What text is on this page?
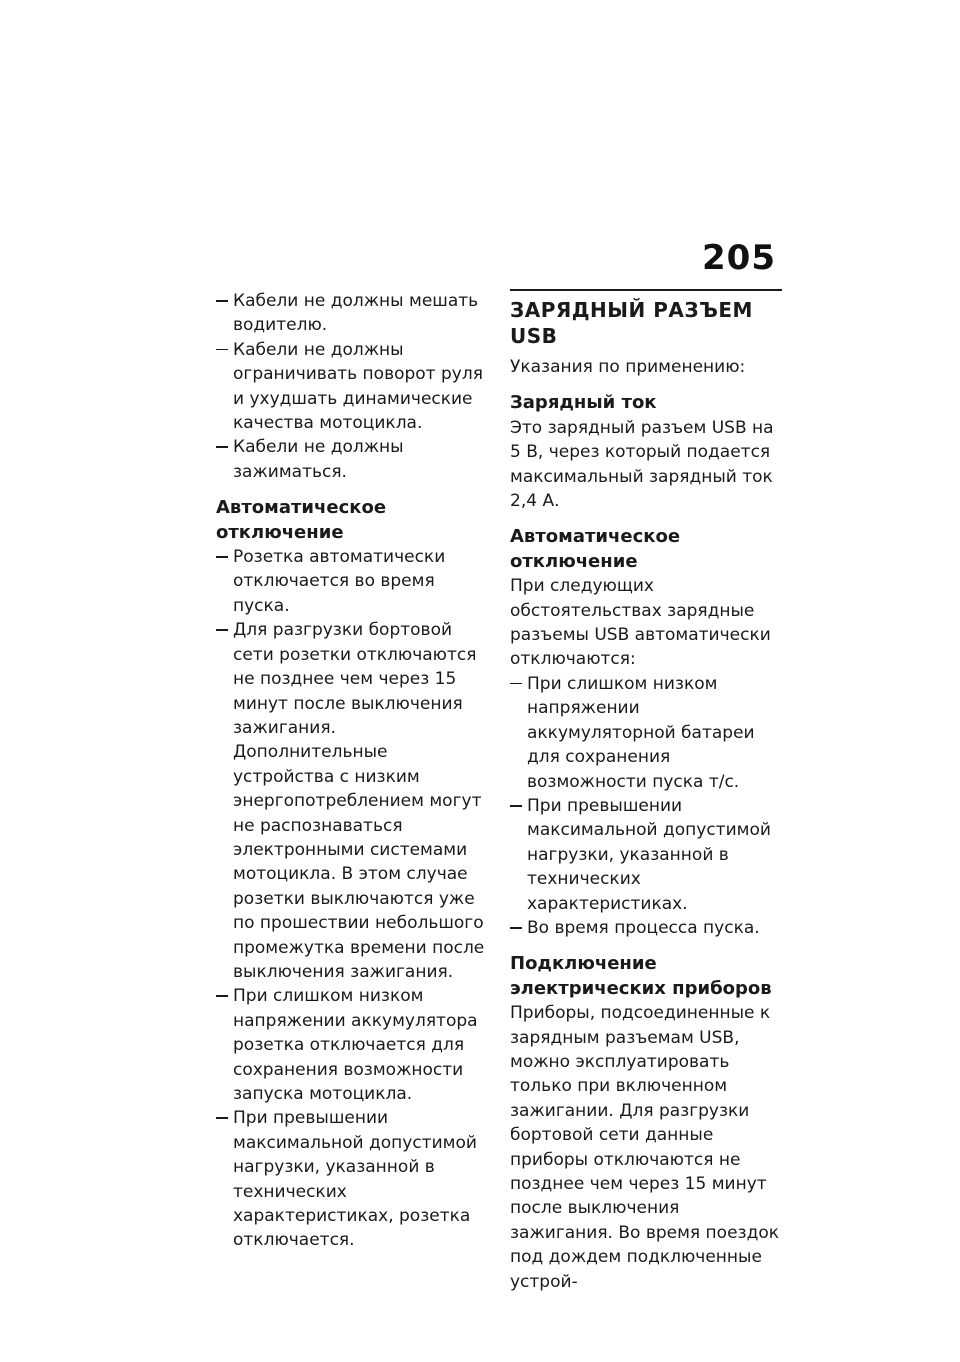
205
Кабели не должны мешать водителю.
Кабели не должны ограничивать поворот руля и ухудшать динамические качества мотоцикла.
Кабели не должны зажиматься.
Автоматическое отключение
Розетка автоматически отключается во время пуска.
Для разгрузки бортовой сети розетки отключаются не позднее чем через 15 минут после выключения зажигания. Дополнительные устройства с низким энергопотреблением могут не распознаваться электронными системами мотоцикла. В этом случае розетки выключаются уже по прошествии небольшого промежутка времени после выключения зажигания.
При слишком низком напряжении аккумулятора розетка отключается для сохранения возможности запуска мотоцикла.
При превышении максимальной допустимой нагрузки, указанной в технических характеристиках, розетка отключается.
ЗАРЯДНЫЙ РАЗЪЕМ USB

Указания по применению:

Зарядный ток

Это зарядный разъем USB на 5 В, через который подается максимальный зарядный ток 2,4 А.

Автоматическое отключение

При следующих обстоятельствах зарядные разъемы USB автоматически отключаются:

При слишком низком напряжении аккумуляторной батареи для сохранения возможности пуска т/с.
При превышении максимальной допустимой нагрузки, указанной в технических характеристиках.
Во время процесса пуска.
Подключение электрических приборов

Приборы, подсоединенные к зарядным разъемам USB, можно эксплуатировать только при включенном зажигании. Для разгрузки бортовой сети данные приборы отключаются не позднее чем через 15 минут после выключения зажигания. Во время поездок под дождем подключенные устрой-
